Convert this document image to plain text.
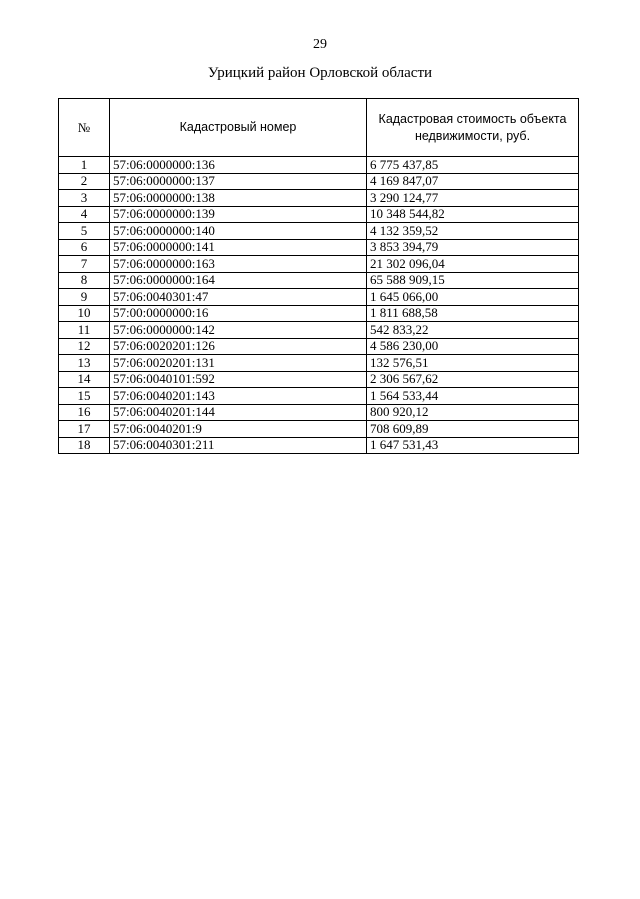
29
Урицкий район Орловской области
№	Кадастровый номер	Кадастровая стоимость объекта недвижимости, руб.
1	57:06:0000000:136	6 775 437,85
2	57:06:0000000:137	4 169 847,07
3	57:06:0000000:138	3 290 124,77
4	57:06:0000000:139	10 348 544,82
5	57:06:0000000:140	4 132 359,52
6	57:06:0000000:141	3 853 394,79
7	57:06:0000000:163	21 302 096,04
8	57:06:0000000:164	65 588 909,15
9	57:06:0040301:47	1 645 066,00
10	57:00:0000000:16	1 811 688,58
11	57:06:0000000:142	542 833,22
12	57:06:0020201:126	4 586 230,00
13	57:06:0020201:131	132 576,51
14	57:06:0040101:592	2 306 567,62
15	57:06:0040201:143	1 564 533,44
16	57:06:0040201:144	800 920,12
17	57:06:0040201:9	708 609,89
18	57:06:0040301:211	1 647 531,43
